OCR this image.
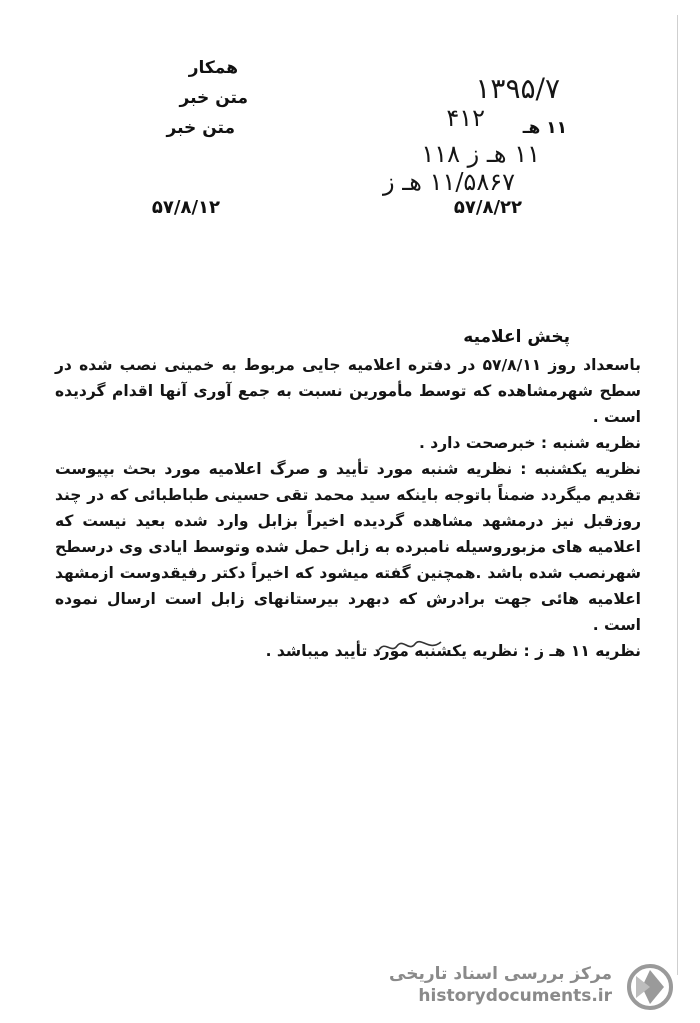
همکار
متن خبر
متن خبر
۱۳۹۵/۷
۴۱۲ ۱۱ هـ
۱۱ هـ ز ۱۱۸
۱۱/۵۸۶۷ هـ ز
۵۷/۸/۱۲	۵۷/۸/۲۲
پخش اعلامیه

باسعداد روز ۵۷/۸/۱۱ در دفتره اعلامیه جایی مربوط به خمینی نصب شده در سطح شهرمشاهده که توسط مأمورین نسبت به جمع آوری آنها اقدام گردیده است .

نظریه شنبه : خبرصحت دارد .

نظریه یکشنبه : نظریه شنبه مورد تأیید و صرگ اعلامیه مورد بحث بپیوست تقدیم میگردد ضمناً باتوجه باینکه سید محمد تقی حسینی طباطبائی که در چند روزقبل نیز درمشهد مشاهده گردیده اخیراً بزابل وارد شده بعید نیست که اعلامیه های مزبوروسیله نامبرده به زابل حمل شده وتوسط ایادی وی درسطح شهرنصب شده باشد .همچنین گفته میشود که اخیراً دکتر رفیقدوست ازمشهد اعلامیه هائی جهت برادرش که دبهرد بیرستانهای زابل است ارسال نموده است .

نظریه ۱۱ هـ ز : نظریه یکشنبه مورد تأیید میباشد .

مرکز بررسی اسناد تاریخی
historydocuments.ir
